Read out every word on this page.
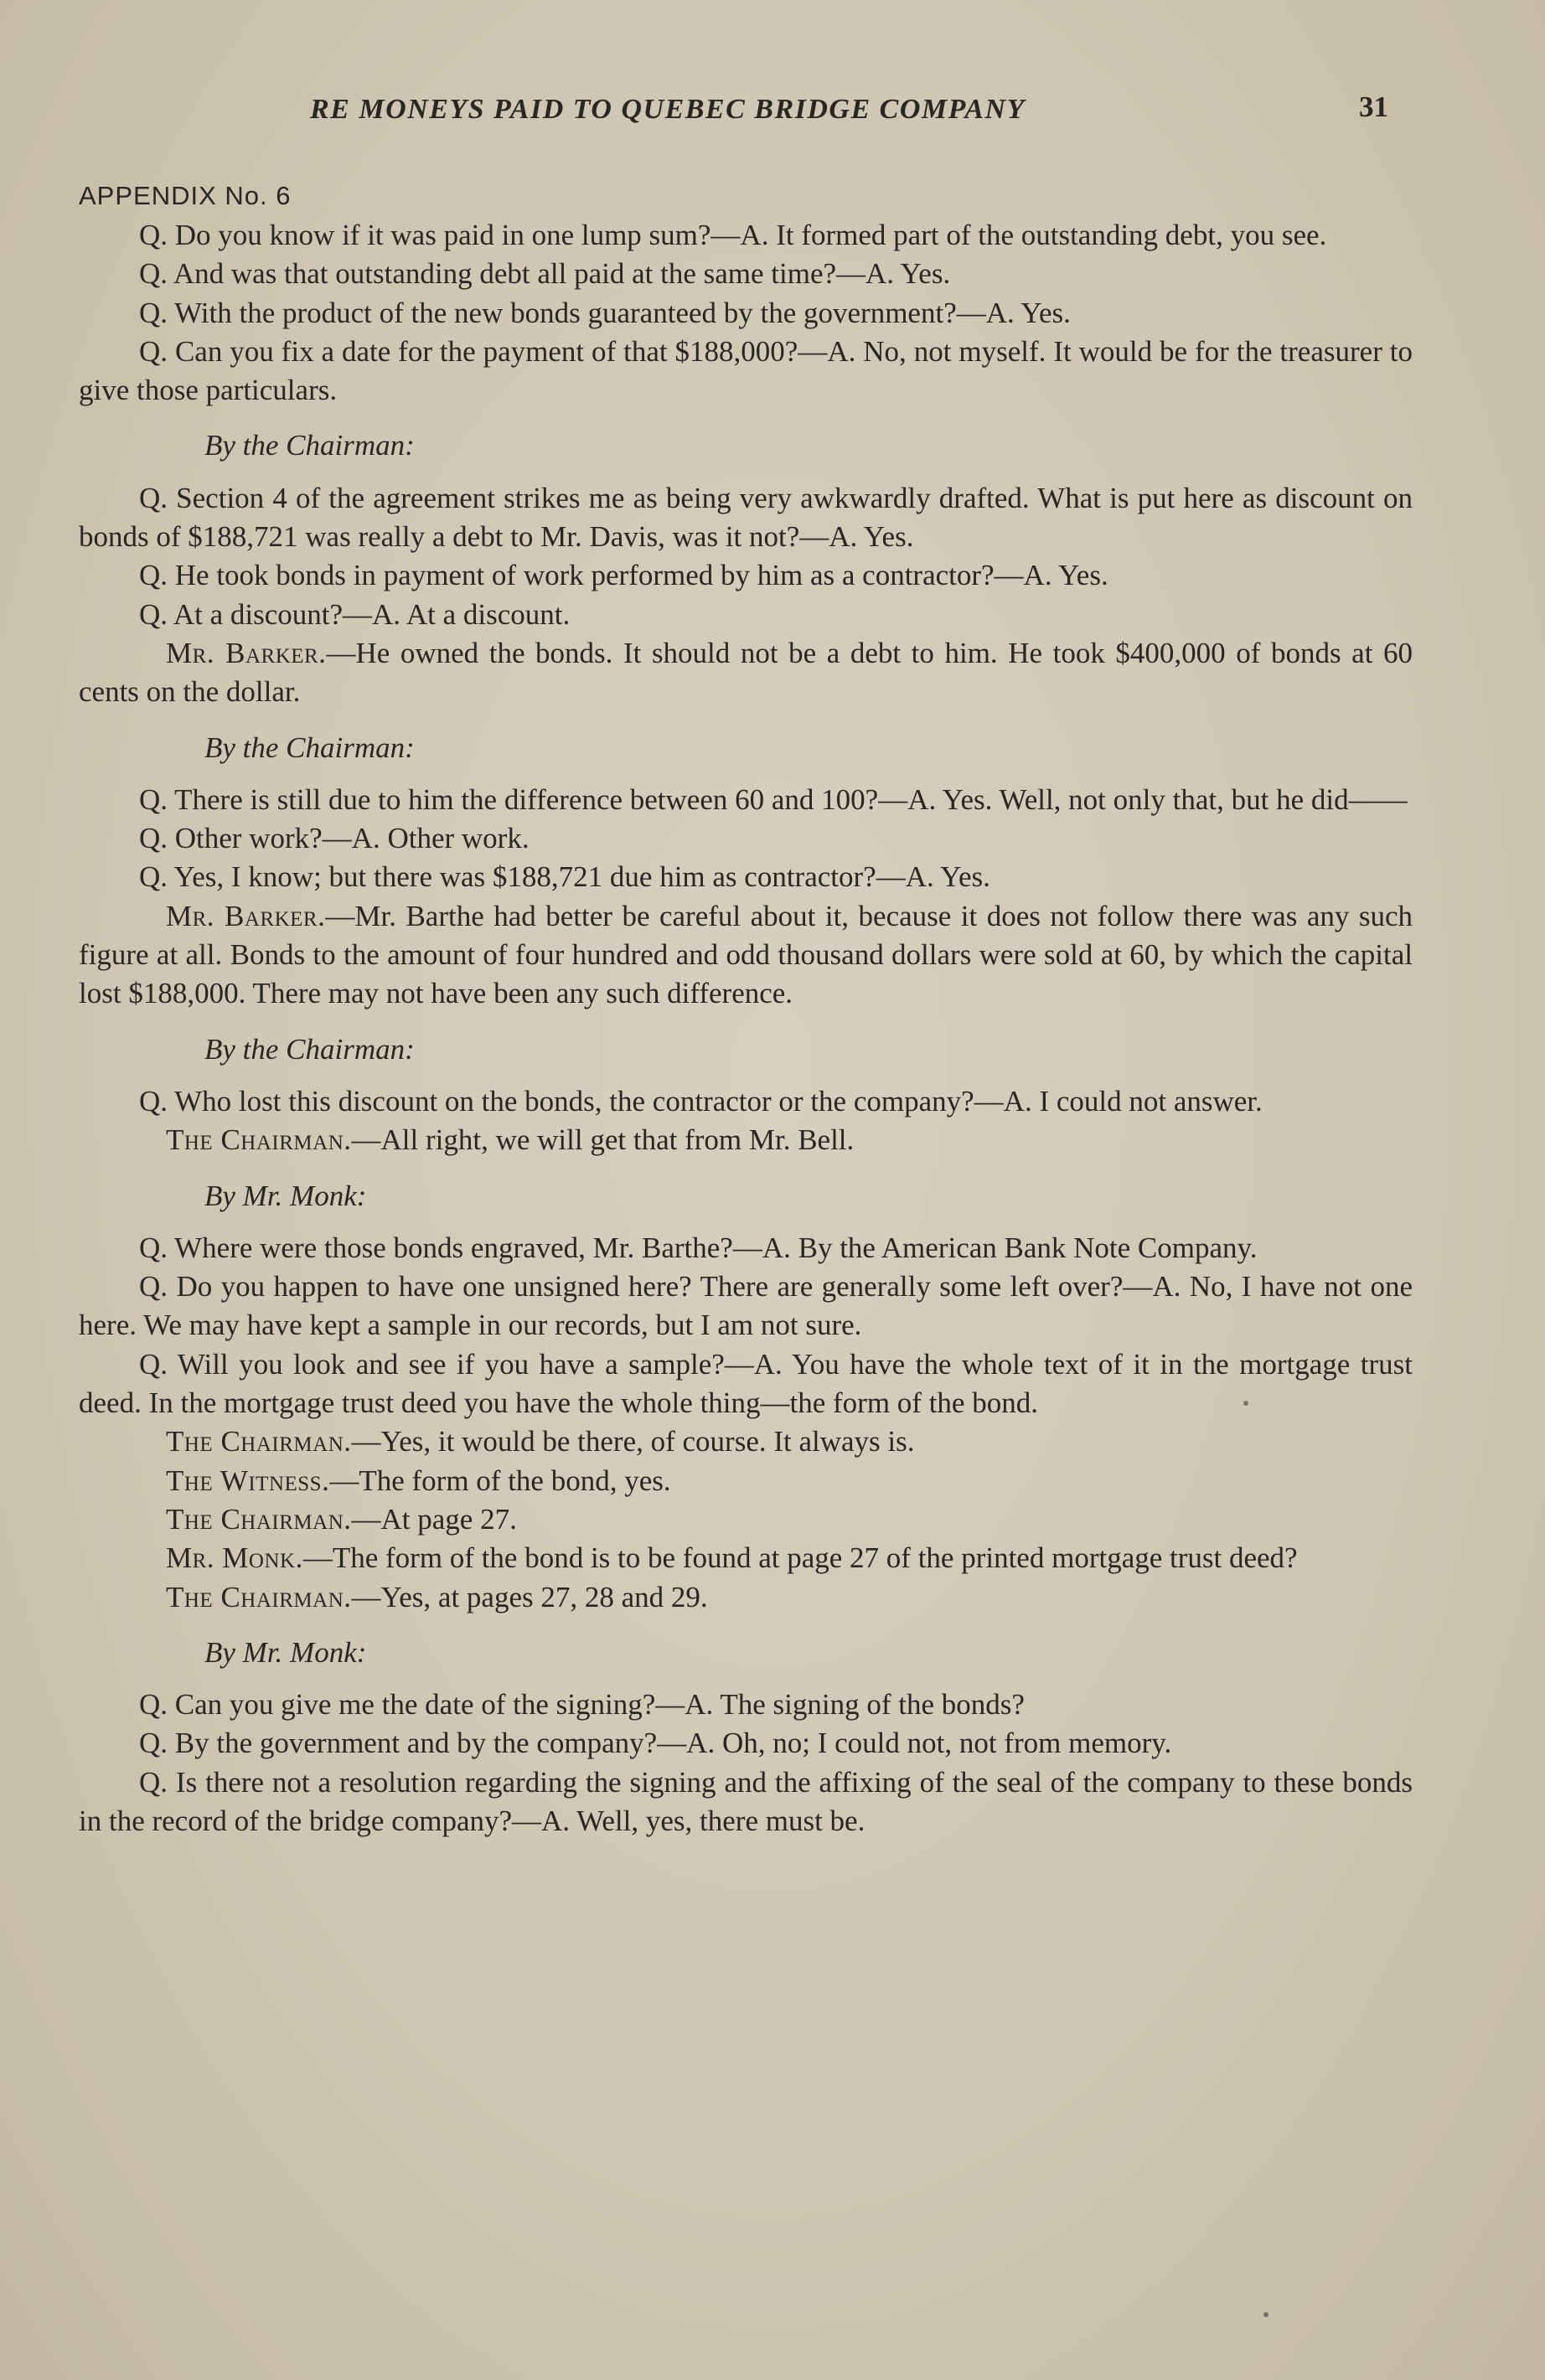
RE MONEYS PAID TO QUEBEC BRIDGE COMPANY	31
APPENDIX No. 6

Q. Do you know if it was paid in one lump sum?—A. It formed part of the outstanding debt, you see.

Q. And was that outstanding debt all paid at the same time?—A. Yes.

Q. With the product of the new bonds guaranteed by the government?—A. Yes.

Q. Can you fix a date for the payment of that $188,000?—A. No, not myself. It would be for the treasurer to give those particulars.

By the Chairman:

Q. Section 4 of the agreement strikes me as being very awkwardly drafted. What is put here as discount on bonds of $188,721 was really a debt to Mr. Davis, was it not?—A. Yes.

Q. He took bonds in payment of work performed by him as a contractor?—A. Yes.

Q. At a discount?—A. At a discount.

Mr. Barker.—He owned the bonds. It should not be a debt to him. He took $400,000 of bonds at 60 cents on the dollar.

By the Chairman:

Q. There is still due to him the difference between 60 and 100?—A. Yes. Well, not only that, but he did——

Q. Other work?—A. Other work.

Q. Yes, I know; but there was $188,721 due him as contractor?—A. Yes.

Mr. Barker.—Mr. Barthe had better be careful about it, because it does not follow there was any such figure at all. Bonds to the amount of four hundred and odd thousand dollars were sold at 60, by which the capital lost $188,000. There may not have been any such difference.

By the Chairman:

Q. Who lost this discount on the bonds, the contractor or the company?—A. I could not answer.

The Chairman.—All right, we will get that from Mr. Bell.

By Mr. Monk:

Q. Where were those bonds engraved, Mr. Barthe?—A. By the American Bank Note Company.

Q. Do you happen to have one unsigned here? There are generally some left over?—A. No, I have not one here. We may have kept a sample in our records, but I am not sure.

Q. Will you look and see if you have a sample?—A. You have the whole text of it in the mortgage trust deed. In the mortgage trust deed you have the whole thing—the form of the bond.

The Chairman.—Yes, it would be there, of course. It always is.

The Witness.—The form of the bond, yes.

The Chairman.—At page 27.

Mr. Monk.—The form of the bond is to be found at page 27 of the printed mortgage trust deed?

The Chairman.—Yes, at pages 27, 28 and 29.

By Mr. Monk:

Q. Can you give me the date of the signing?—A. The signing of the bonds?

Q. By the government and by the company?—A. Oh, no; I could not, not from memory.

Q. Is there not a resolution regarding the signing and the affixing of the seal of the company to these bonds in the record of the bridge company?—A. Well, yes, there must be.
